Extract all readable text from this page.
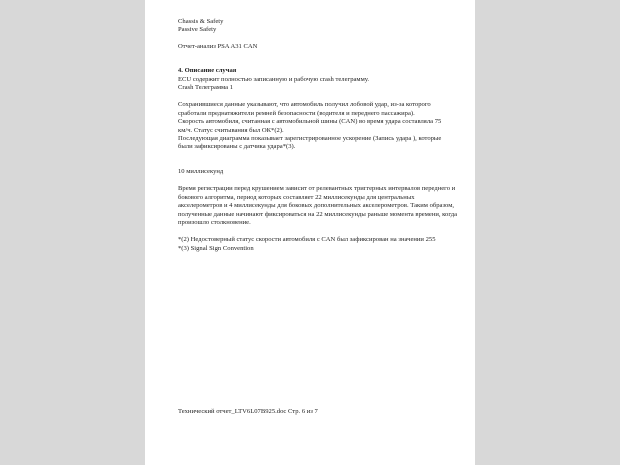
Chassis & Safety
Passive Safety
Отчет-анализ PSA A31 CAN
4. Описание случая
ECU содержит полностью записанную и рабочую crash телеграмму.
Crash Телеграмма 1
Сохранившиеся данные указывают, что автомобиль получил лобовой удар, из-за которого
сработали преднатяжители ремней безопасности (водителя и переднего пассажира).
Скорость автомобиля, считанная с автомобильной шины (CAN) во время удара составляла 75
км/ч. Статус считывания был ОК*(2).
Последующая диаграмма показывает зарегистрированное ускорение (Запись удара ), которые
были зафиксированы с датчика удара*(3).
10 миллисекунд
Время регистрации перед крушением зависит от релевантных триггерных интервалов переднего и
бокового алгоритма, период которых составляет 22 миллисекунды для центральных
акселерометров и 4 миллисекунды для боковых дополнительных акселерометров. Таким образом,
полученные данные начинают фиксироваться на 22 миллисекунды раньше момента времени, когда
произошло столкновение.
*(2) Недостоверный статус скорости автомобиля с CAN был зафиксирован на значении 255
*(3) Signal Sign Convention
Технический отчет_LTV6L07B925.doc Стр. 6 из 7
